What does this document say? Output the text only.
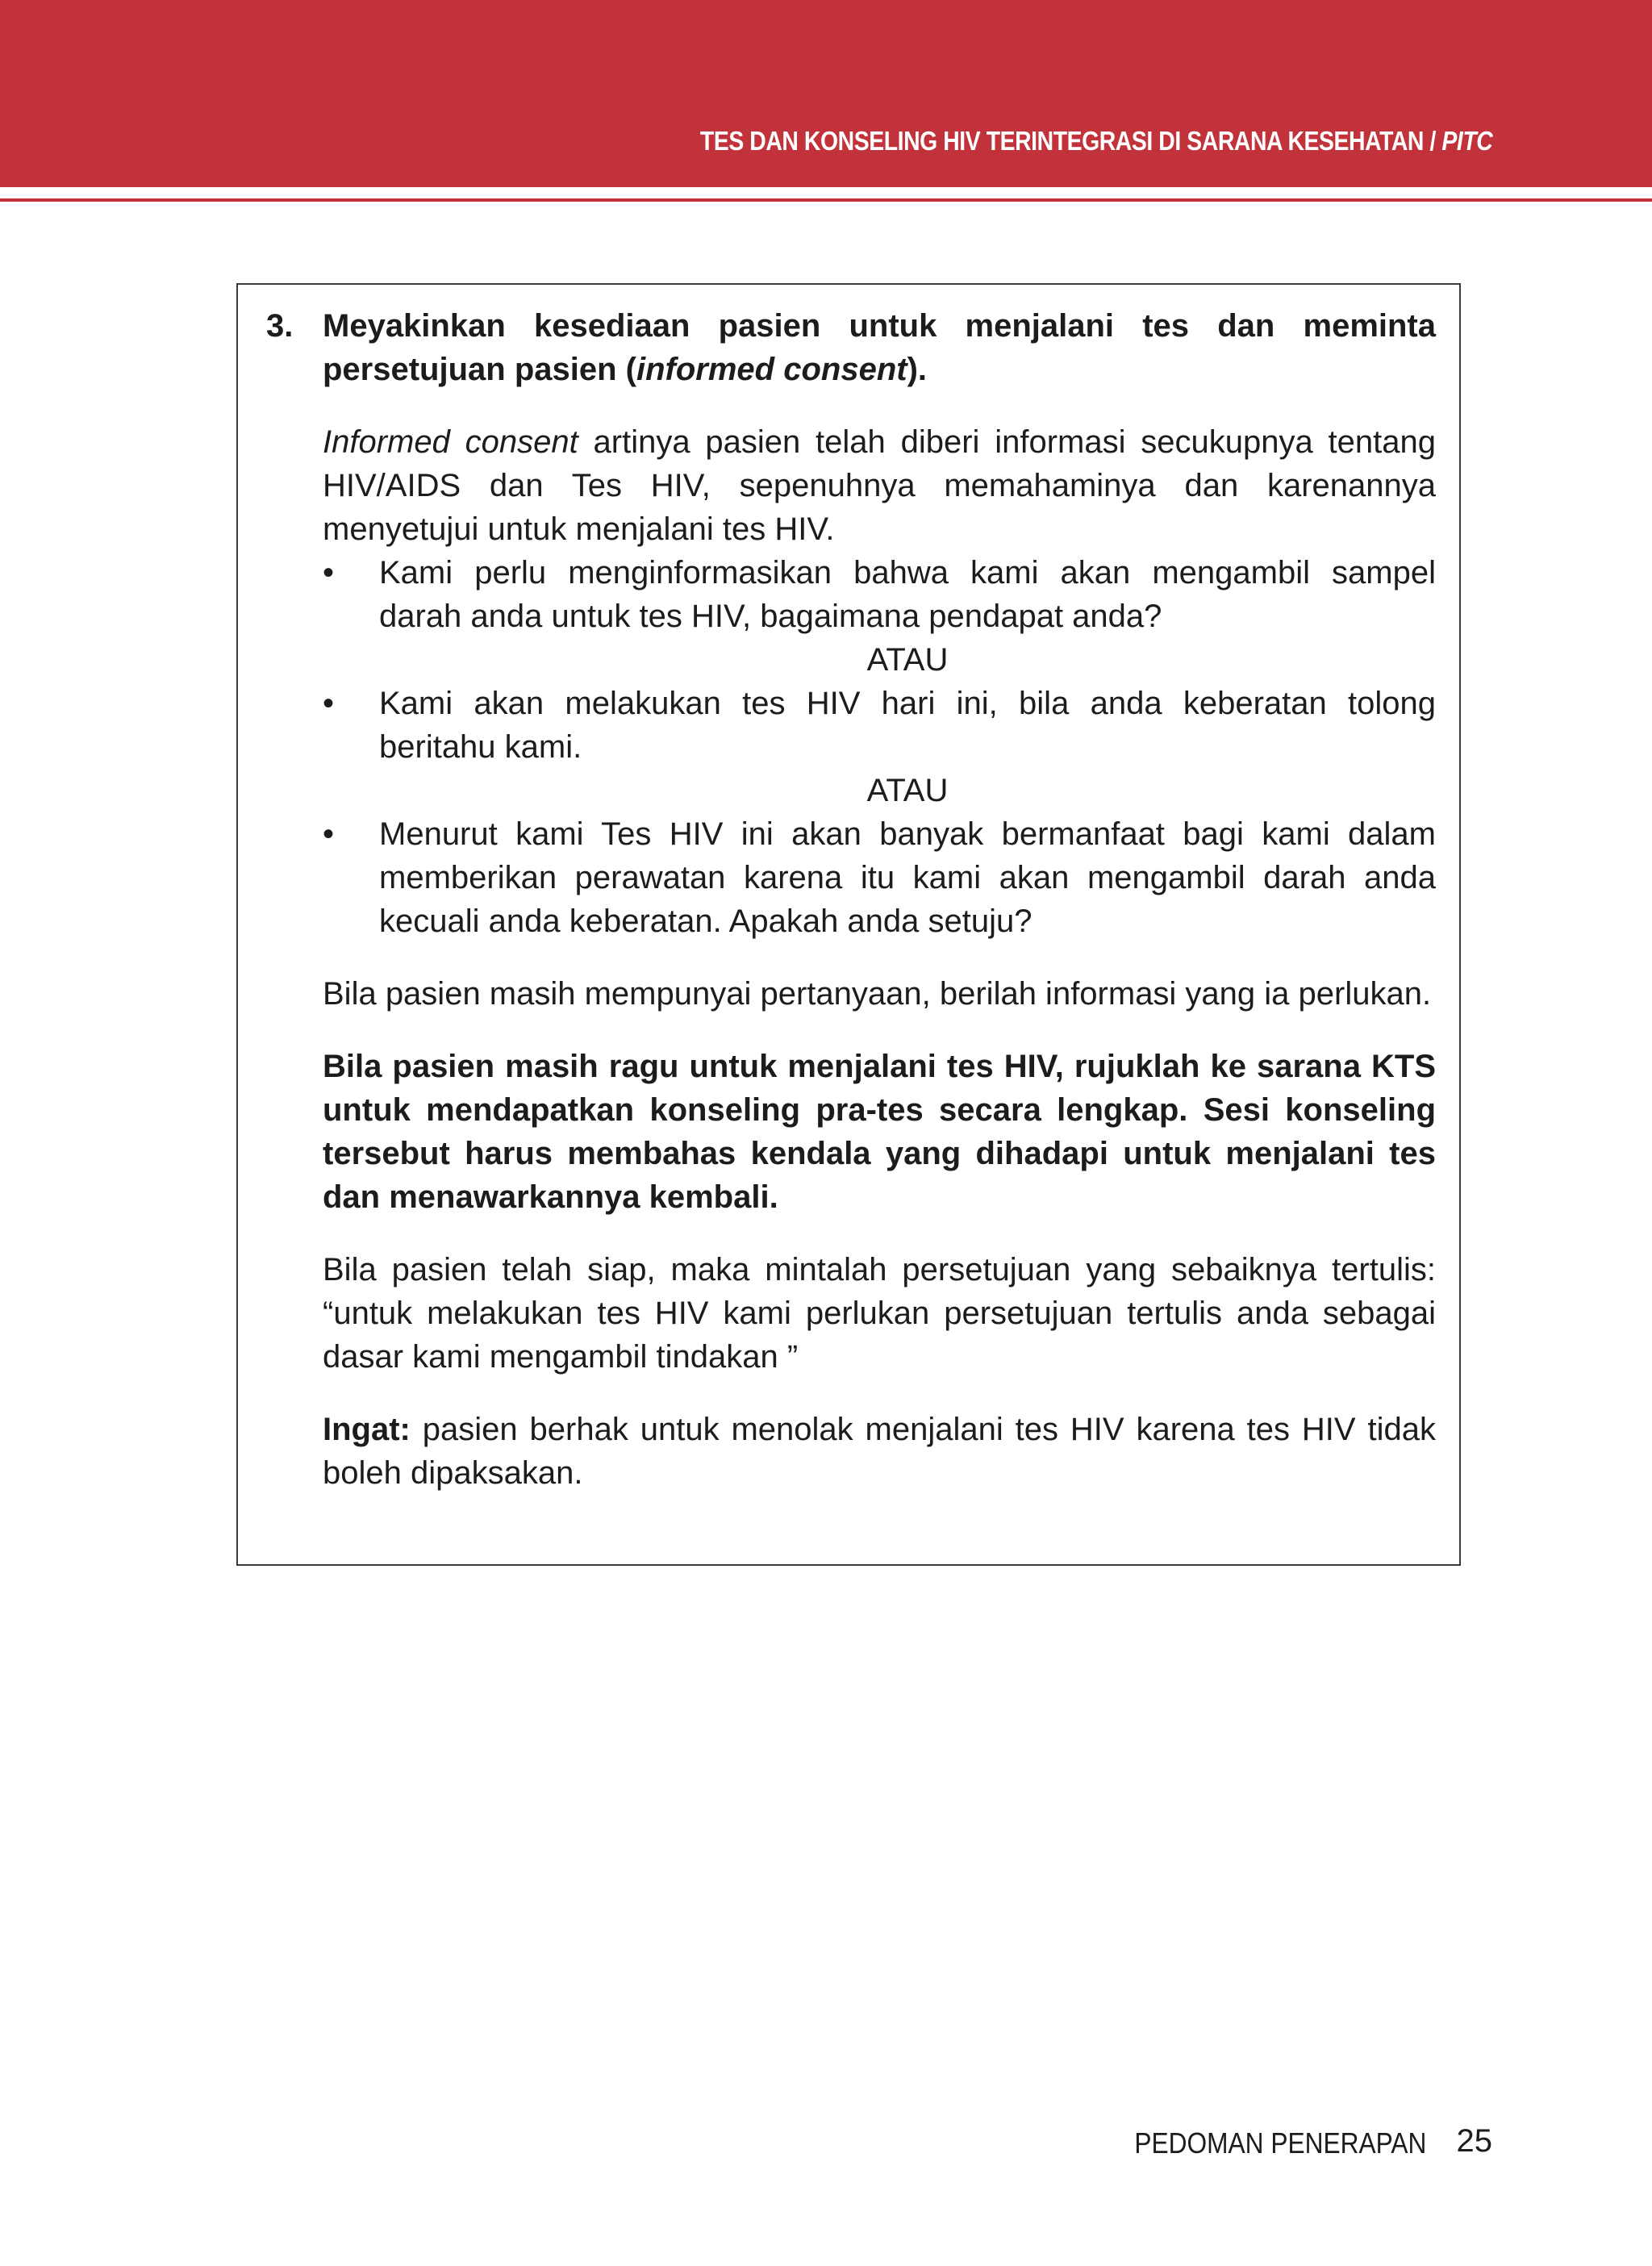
TES DAN KONSELING HIV TERINTEGRASI DI SARANA KESEHATAN / PITC
3. Meyakinkan kesediaan pasien untuk menjalani tes dan meminta persetujuan pasien (informed consent).

Informed consent artinya pasien telah diberi informasi secukupnya tentang HIV/AIDS dan Tes HIV, sepenuhnya memahaminya dan karenannya menyetujui untuk menjalani tes HIV.

• Kami perlu menginformasikan bahwa kami akan mengambil sampel darah anda untuk tes HIV, bagaimana pendapat anda?

ATAU

• Kami akan melakukan tes HIV hari ini, bila anda keberatan tolong beritahu kami.

ATAU

• Menurut kami Tes HIV ini akan banyak bermanfaat bagi kami dalam memberikan perawatan karena itu kami akan mengambil darah anda kecuali anda keberatan. Apakah anda setuju?

Bila pasien masih mempunyai pertanyaan, berilah informasi yang ia perlukan.

Bila pasien masih ragu untuk menjalani tes HIV, rujuklah ke sarana KTS untuk mendapatkan konseling pra-tes secara lengkap. Sesi konseling tersebut harus membahas kendala yang dihadapi untuk menjalani tes dan menawarkannya kembali.

Bila pasien telah siap, maka mintalah persetujuan yang sebaiknya tertulis: “untuk melakukan tes HIV kami perlukan persetujuan tertulis anda sebagai dasar kami mengambil tindakan ”

Ingat: pasien berhak untuk menolak menjalani tes HIV karena tes HIV tidak boleh dipaksakan.

PEDOMAN PENERAPAN 25
